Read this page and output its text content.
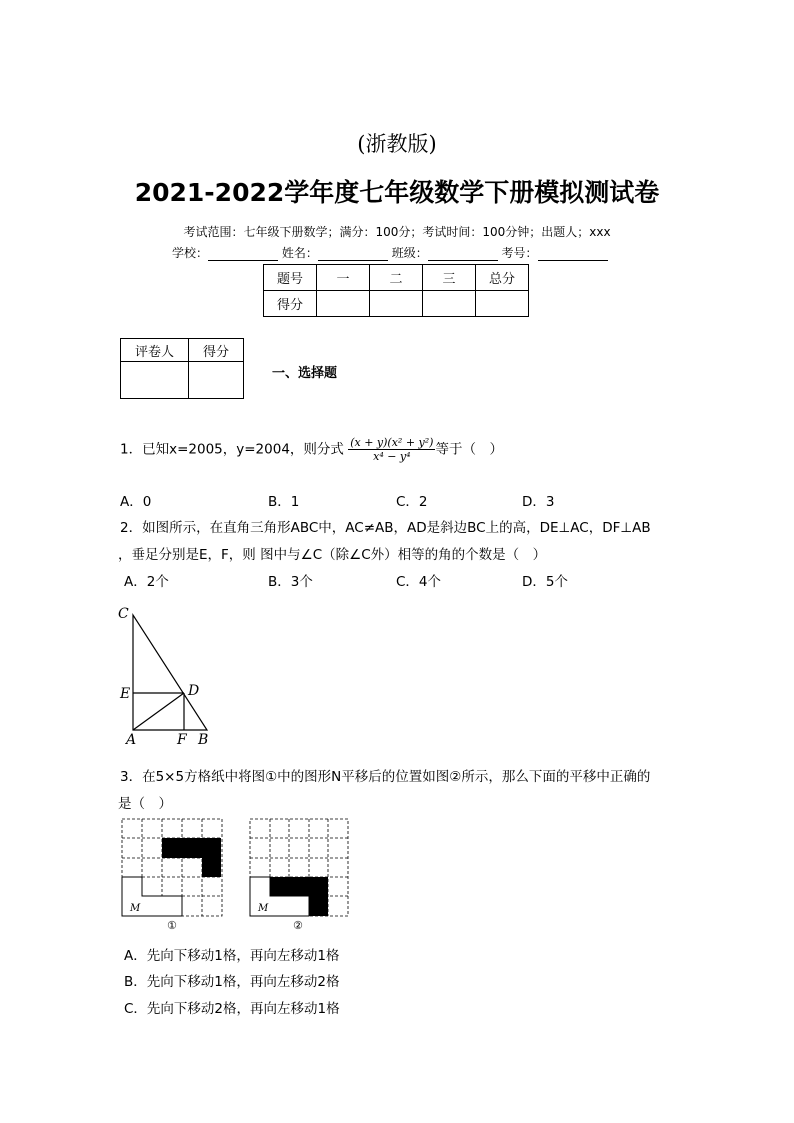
(浙教版)
2021-2022学年度七年级数学下册模拟测试卷
考试范围：七年级下册数学；满分：100分；考试时间：100分钟；出题人；xxx
学校：	姓名：	班级：	考号：
题号	一	二	三	总分
得分				
评卷人	得分

一、选择题
1．已知x=2005，y=2004，则分式 $\frac{\text{(x + y)(x² + y²)}}{\text{x⁴ − y⁴}}$ 等于（　）
A．0	B．1	C．2	D．3
2．如图所示，在直角三角形ABC中，AC≠AB，AD是斜边BC上的高，DE⊥AC，DF⊥AB
，垂足分别是E，F，则 图中与∠C（除∠C外）相等的角的个数是（　）
A．2个	B．3个	C．4个	D．5个
C
D
E
A	F B
3．在5×5方格纸中将图①中的图形N平移后的位置如图②所示，那么下面的平移中正确的
是（　）
M
①
M
②
A．先向下移动1格，再向左移动1格
B．先向下移动1格，再向左移动2格
C．先向下移动2格，再向左移动1格
